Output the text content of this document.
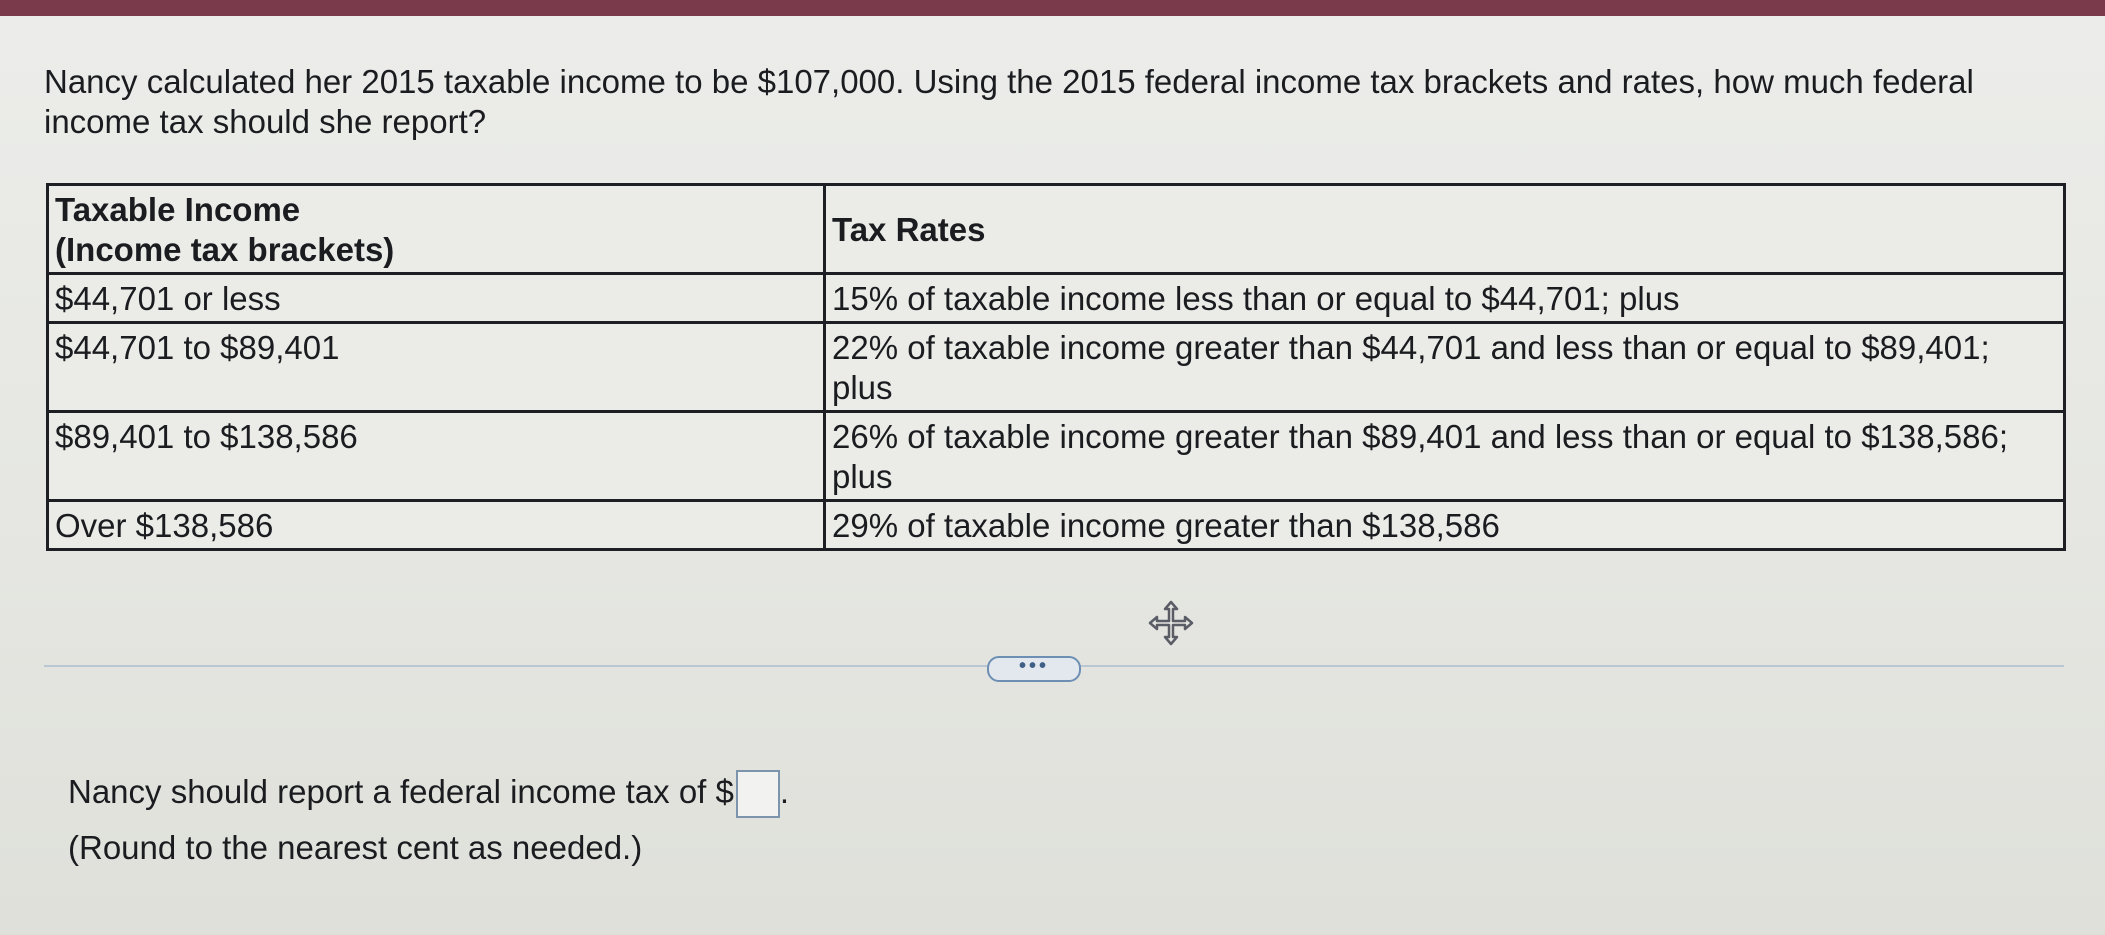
Nancy calculated her 2015 taxable income to be $107,000. Using the 2015 federal income tax brackets and rates, how much federal income tax should she report?

Taxable Income
(Income tax brackets)	Tax Rates
$44,701 or less	15% of taxable income less than or equal to $44,701; plus
$44,701 to $89,401	22% of taxable income greater than $44,701 and less than or equal to $89,401; plus
$89,401 to $138,586	26% of taxable income greater than $89,401 and less than or equal to $138,586; plus
Over $138,586	29% of taxable income greater than $138,586
•••
Nancy should report a federal income tax of $ .
(Round to the nearest cent as needed.)
